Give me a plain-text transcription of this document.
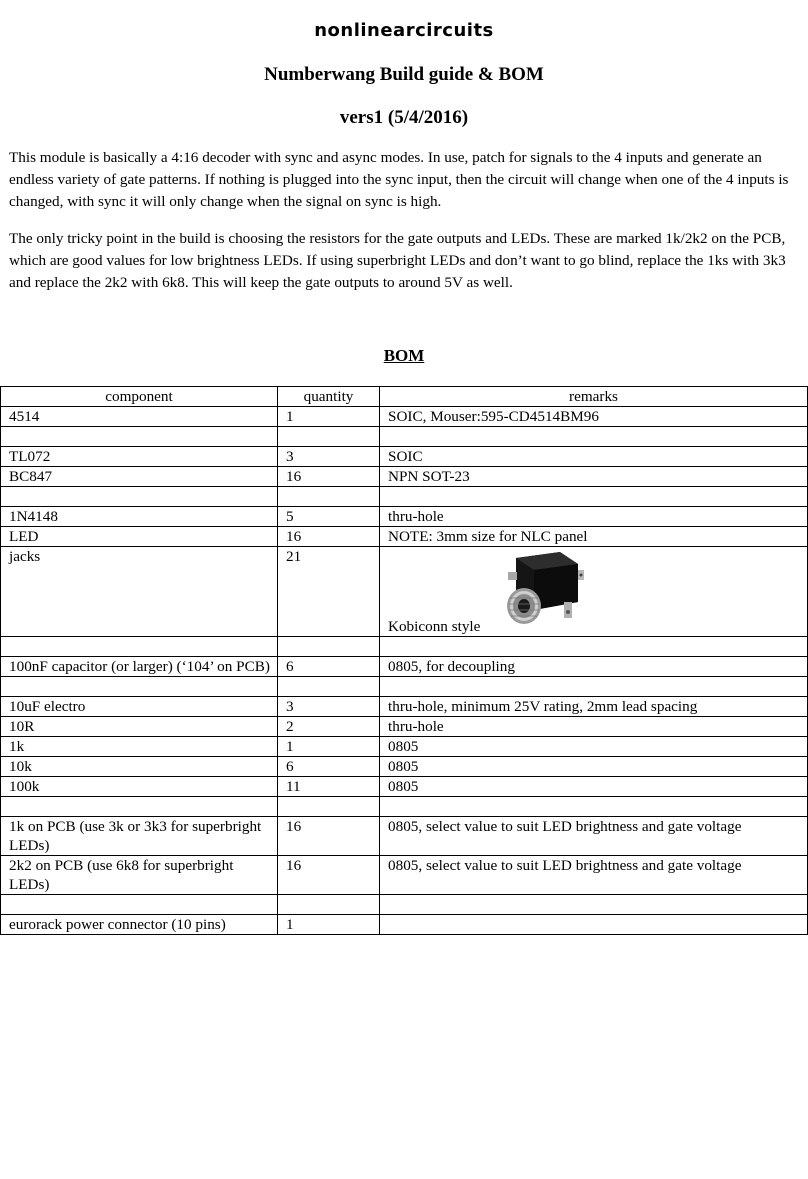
nonlinearcircuits
Numberwang Build guide & BOM
vers1 (5/4/2016)

This module is basically a 4:16 decoder with sync and async modes. In use, patch for signals to the 4 inputs and generate an endless variety of gate patterns. If nothing is plugged into the sync input, then the circuit will change when one of the 4 inputs is changed, with sync it will only change when the signal on sync is high.

The only tricky point in the build is choosing the resistors for the gate outputs and LEDs. These are marked 1k/2k2 on the PCB, which are good values for low brightness LEDs. If using superbright LEDs and don’t want to go blind, replace the 1ks with 3k3 and replace the 2k2 with 6k8. This will keep the gate outputs to around 5V as well.

BOM
component	quantity	remarks
4514	1	SOIC, Mouser:595-CD4514BM96

TL072	3	SOIC
BC847	16	NPN SOT-23

1N4148	5	thru-hole
LED	16	NOTE: 3mm size for NLC panel
jacks	21	Kobiconn style

100nF capacitor (or larger) (‘104’ on PCB)	6	0805, for decoupling

10uF electro	3	thru-hole, minimum 25V rating, 2mm lead spacing
10R	2	thru-hole
1k	1	0805
10k	6	0805
100k	11	0805

1k on PCB (use 3k or 3k3 for superbright LEDs)	16	0805, select value to suit LED brightness and gate voltage
2k2 on PCB (use 6k8 for superbright LEDs)	16	0805, select value to suit LED brightness and gate voltage

eurorack power connector (10 pins)	1	
